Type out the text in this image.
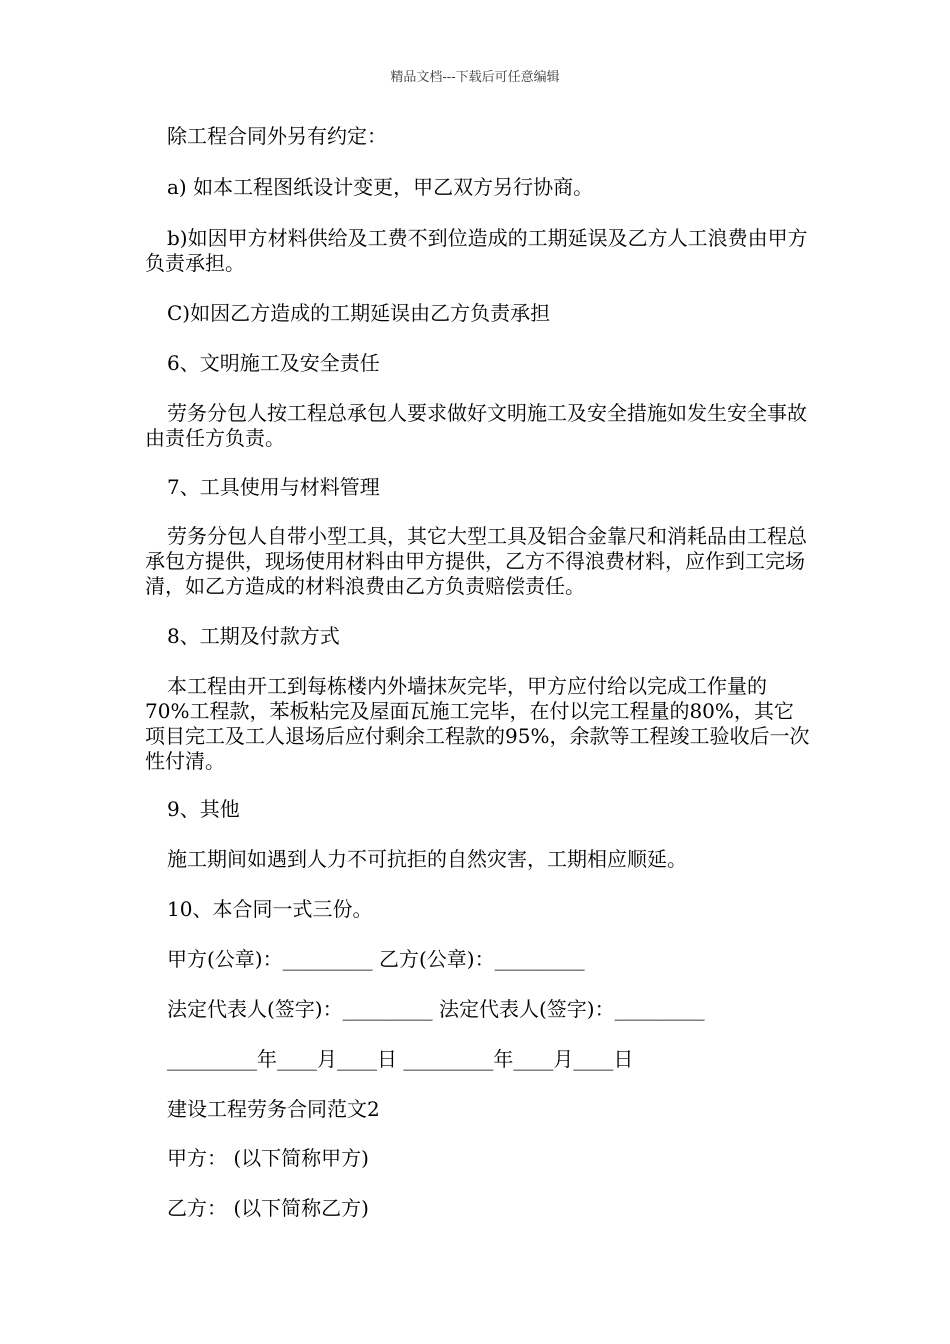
精品文档---下载后可任意编辑

除工程合同外另有约定：

a) 如本工程图纸设计变更，甲乙双方另行协商。

b)如因甲方材料供给及工费不到位造成的工期延误及乙方人工浪费由甲方负责承担。

C)如因乙方造成的工期延误由乙方负责承担

6、文明施工及安全责任

劳务分包人按工程总承包人要求做好文明施工及安全措施如发生安全事故由责任方负责。

7、工具使用与材料管理

劳务分包人自带小型工具，其它大型工具及铝合金靠尺和消耗品由工程总承包方提供，现场使用材料由甲方提供，乙方不得浪费材料，应作到工完场清，如乙方造成的材料浪费由乙方负责赔偿责任。

8、工期及付款方式

本工程由开工到每栋楼内外墙抹灰完毕，甲方应付给以完成工作量的70%工程款，苯板粘完及屋面瓦施工完毕，在付以完工程量的80%，其它项目完工及工人退场后应付剩余工程款的95%，余款等工程竣工验收后一次性付清。

9、其他

施工期间如遇到人力不可抗拒的自然灾害，工期相应顺延。

10、本合同一式三份。

甲方(公章)：_________ 乙方(公章)：_________

法定代表人(签字)：_________ 法定代表人(签字)：_________

_________年____月____日 _________年____月____日

建设工程劳务合同范文2

甲方： (以下简称甲方)

乙方： (以下简称乙方)
